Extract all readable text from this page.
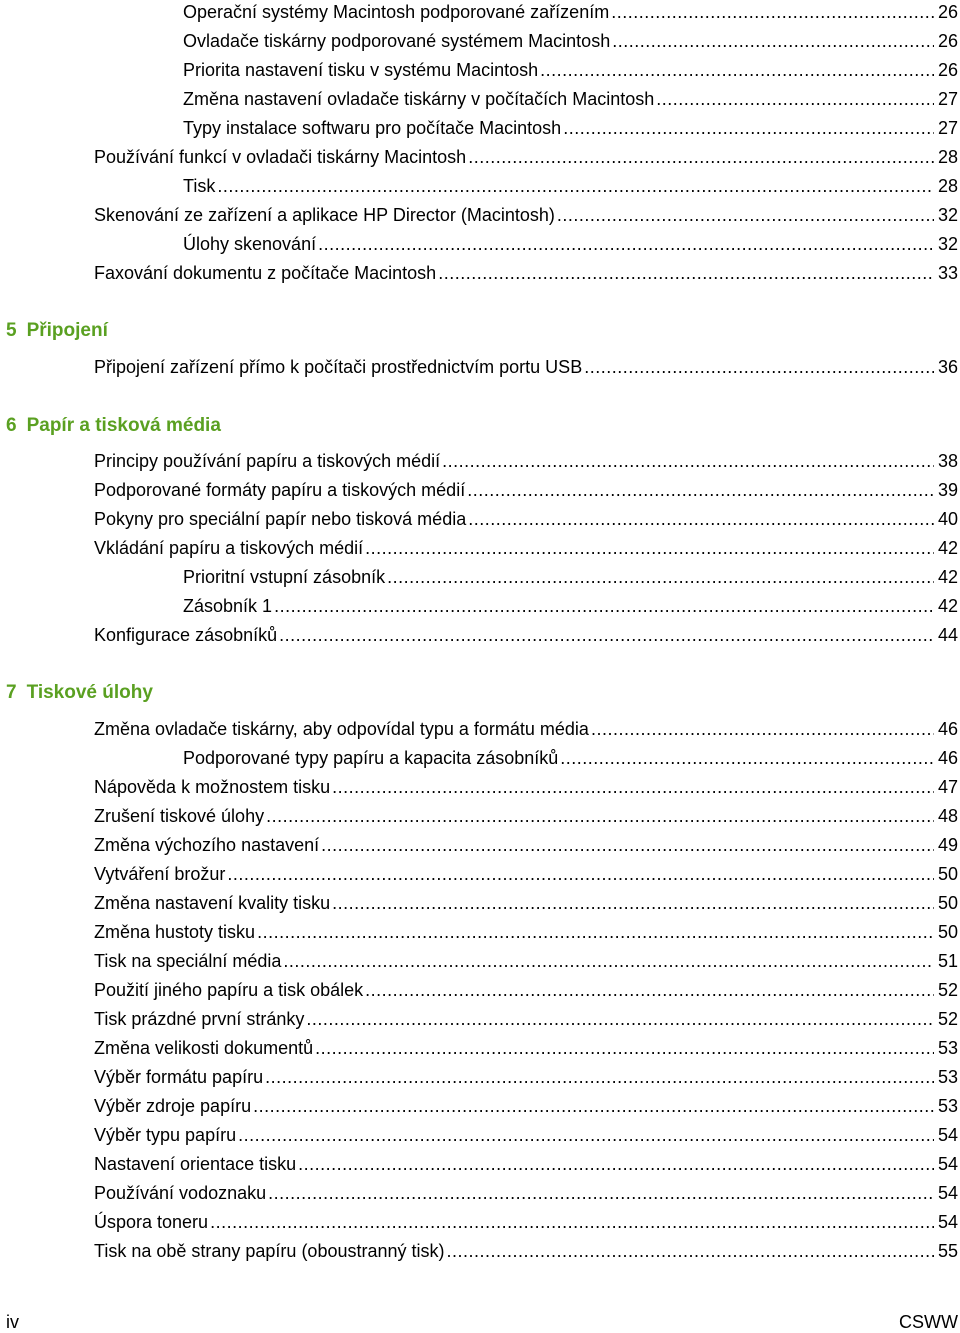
Operační systémy Macintosh podporované zařízením .....	26
Ovladače tiskárny podporované systémem Macintosh .....	26
Priorita nastavení tisku v systému Macintosh .....	26
Změna nastavení ovladače tiskárny v počítačích Macintosh .....	27
Typy instalace softwaru pro počítače Macintosh .....	27
Používání funkcí v ovladači tiskárny Macintosh .....	28
Tisk .....	28
Skenování ze zařízení a aplikace HP Director (Macintosh) .....	32
Úlohy skenování .....	32
Faxování dokumentu z počítače Macintosh .....	33
5 Připojení
Připojení zařízení přímo k počítači prostřednictvím portu USB .....	36
6 Papír a tisková média
Principy používání papíru a tiskových médií .....	38
Podporované formáty papíru a tiskových médií .....	39
Pokyny pro speciální papír nebo tisková média .....	40
Vkládání papíru a tiskových médií .....	42
Prioritní vstupní zásobník .....	42
Zásobník 1 .....	42
Konfigurace zásobníků .....	44
7 Tiskové úlohy
Změna ovladače tiskárny, aby odpovídal typu a formátu média .....	46
Podporované typy papíru a kapacita zásobníků .....	46
Nápověda k možnostem tisku .....	47
Zrušení tiskové úlohy .....	48
Změna výchozího nastavení .....	49
Vytváření brožur .....	50
Změna nastavení kvality tisku .....	50
Změna hustoty tisku .....	50
Tisk na speciální média .....	51
Použití jiného papíru a tisk obálek .....	52
Tisk prázdné první stránky .....	52
Změna velikosti dokumentů .....	53
Výběr formátu papíru .....	53
Výběr zdroje papíru .....	53
Výběr typu papíru .....	54
Nastavení orientace tisku .....	54
Používání vodoznaku .....	54
Úspora toneru .....	54
Tisk na obě strany papíru (oboustranný tisk) .....	55
iv	CSWW
